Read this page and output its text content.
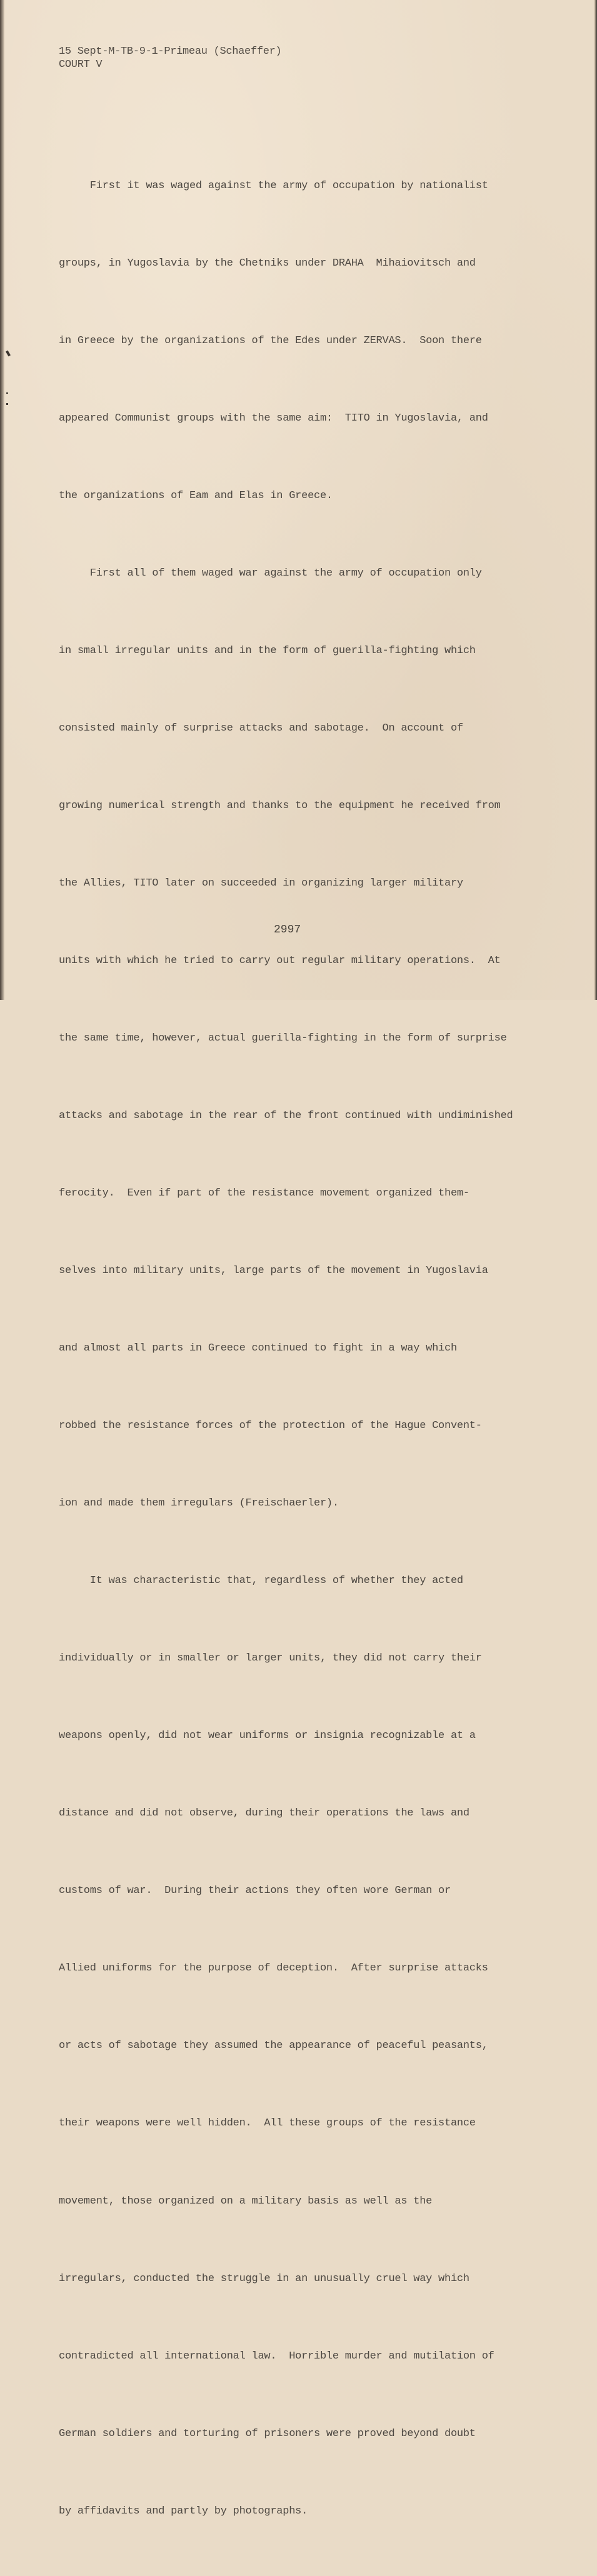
15 Sept-M-TB-9-1-Primeau (Schaeffer)
COURT V

First it was waged against the army of occupation by nationalist

groups, in Yugoslavia by the Chetniks under DRAHA  Mihaiovitsch and

in Greece by the organizations of the Edes under ZERVAS.  Soon there

appeared Communist groups with the same aim:  TITO in Yugoslavia, and

the organizations of Eam and Elas in Greece.

First all of them waged war against the army of occupation only

in small irregular units and in the form of guerilla-fighting which

consisted mainly of surprise attacks and sabotage.  On account of

growing numerical strength and thanks to the equipment he received from

the Allies, TITO later on succeeded in organizing larger military

units with which he tried to carry out regular military operations.  At

the same time, however, actual guerilla-fighting in the form of surprise

attacks and sabotage in the rear of the front continued with undiminished

ferocity.  Even if part of the resistance movement organized them-

selves into military units, large parts of the movement in Yugoslavia

and almost all parts in Greece continued to fight in a way which

robbed the resistance forces of the protection of the Hague Convent-

ion and made them irregulars (Freischaerler).

It was characteristic that, regardless of whether they acted

individually or in smaller or larger units, they did not carry their

weapons openly, did not wear uniforms or insignia recognizable at a

distance and did not observe, during their operations the laws and

customs of war.  During their actions they often wore German or

Allied uniforms for the purpose of deception.  After surprise attacks

or acts of sabotage they assumed the appearance of peaceful peasants,

their weapons were well hidden.  All these groups of the resistance

movement, those organized on a military basis as well as the

irregulars, conducted the struggle in an unusually cruel way which

contradicted all international law.  Horrible murder and mutilation of

German soldiers and torturing of prisoners were proved beyond doubt

by affidavits and partly by photographs.

2997
